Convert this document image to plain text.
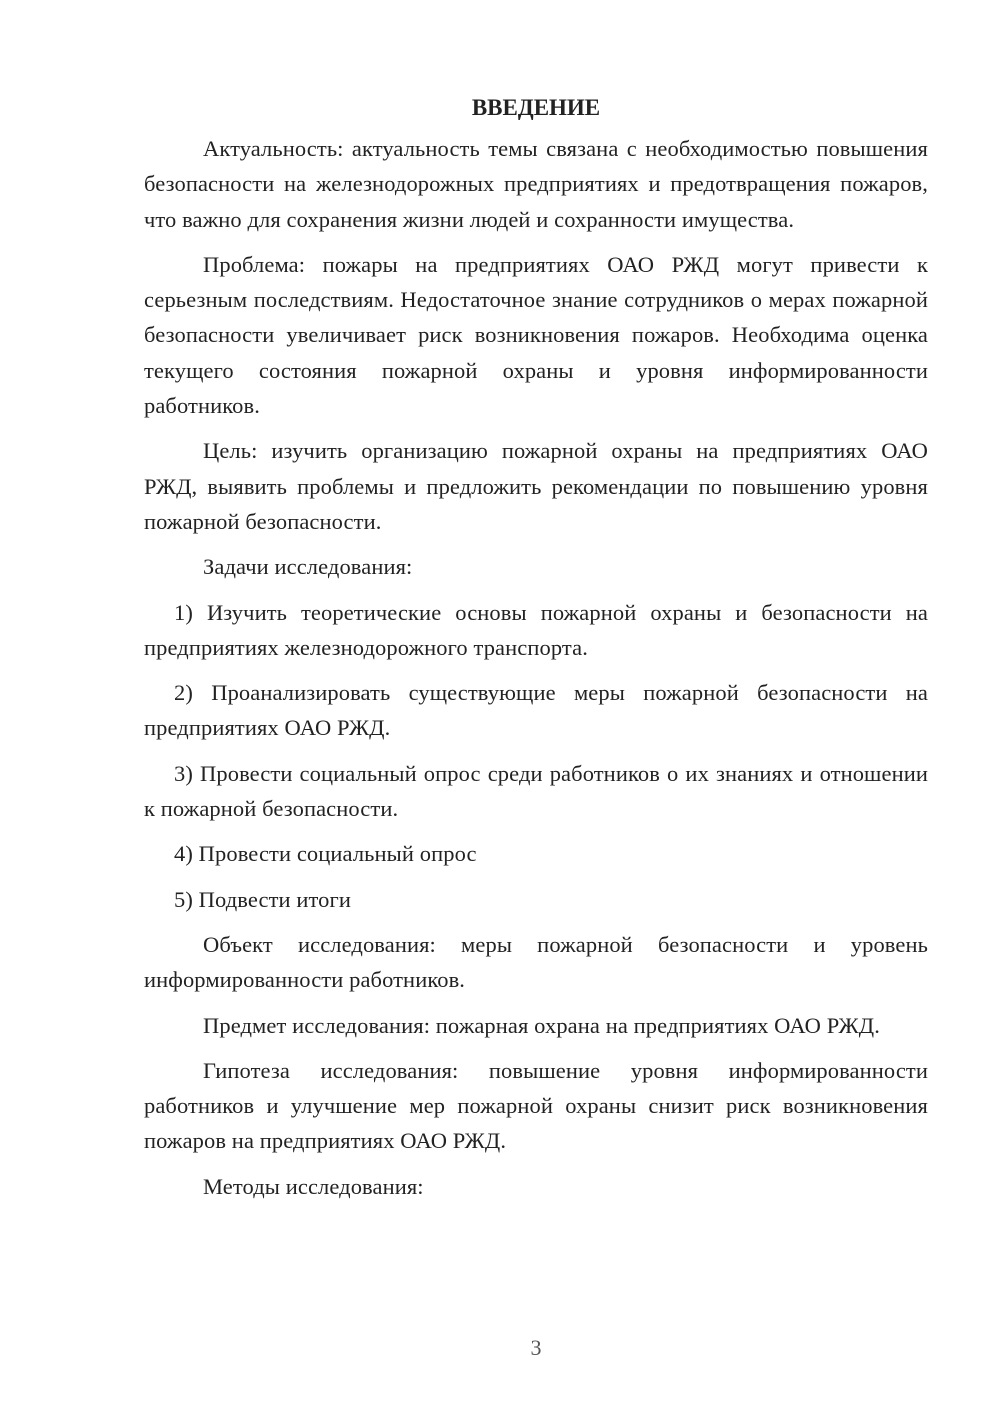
ВВЕДЕНИЕ

Актуальность: актуальность темы связана с необходимостью повышения безопасности на железнодорожных предприятиях и предотвращения пожаров, что важно для сохранения жизни людей и сохранности имущества.

Проблема: пожары на предприятиях ОАО РЖД могут привести к серьезным последствиям. Недостаточное знание сотрудников о мерах пожарной безопасности увеличивает риск возникновения пожаров. Необходима оценка текущего состояния пожарной охраны и уровня информированности работников.

Цель: изучить организацию пожарной охраны на предприятиях ОАО РЖД, выявить проблемы и предложить рекомендации по повышению уровня пожарной безопасности.

Задачи исследования:

1) Изучить теоретические основы пожарной охраны и безопасности на предприятиях железнодорожного транспорта.

2) Проанализировать существующие меры пожарной безопасности на предприятиях ОАО РЖД.

3) Провести социальный опрос среди работников о их знаниях и отношении к пожарной безопасности.

4) Провести социальный опрос

5) Подвести итоги

Объект исследования: меры пожарной безопасности и уровень информированности работников.

Предмет исследования: пожарная охрана на предприятиях ОАО РЖД.

Гипотеза исследования: повышение уровня информированности работников и улучшение мер пожарной охраны снизит риск возникновения пожаров на предприятиях ОАО РЖД.

Методы исследования:

3
